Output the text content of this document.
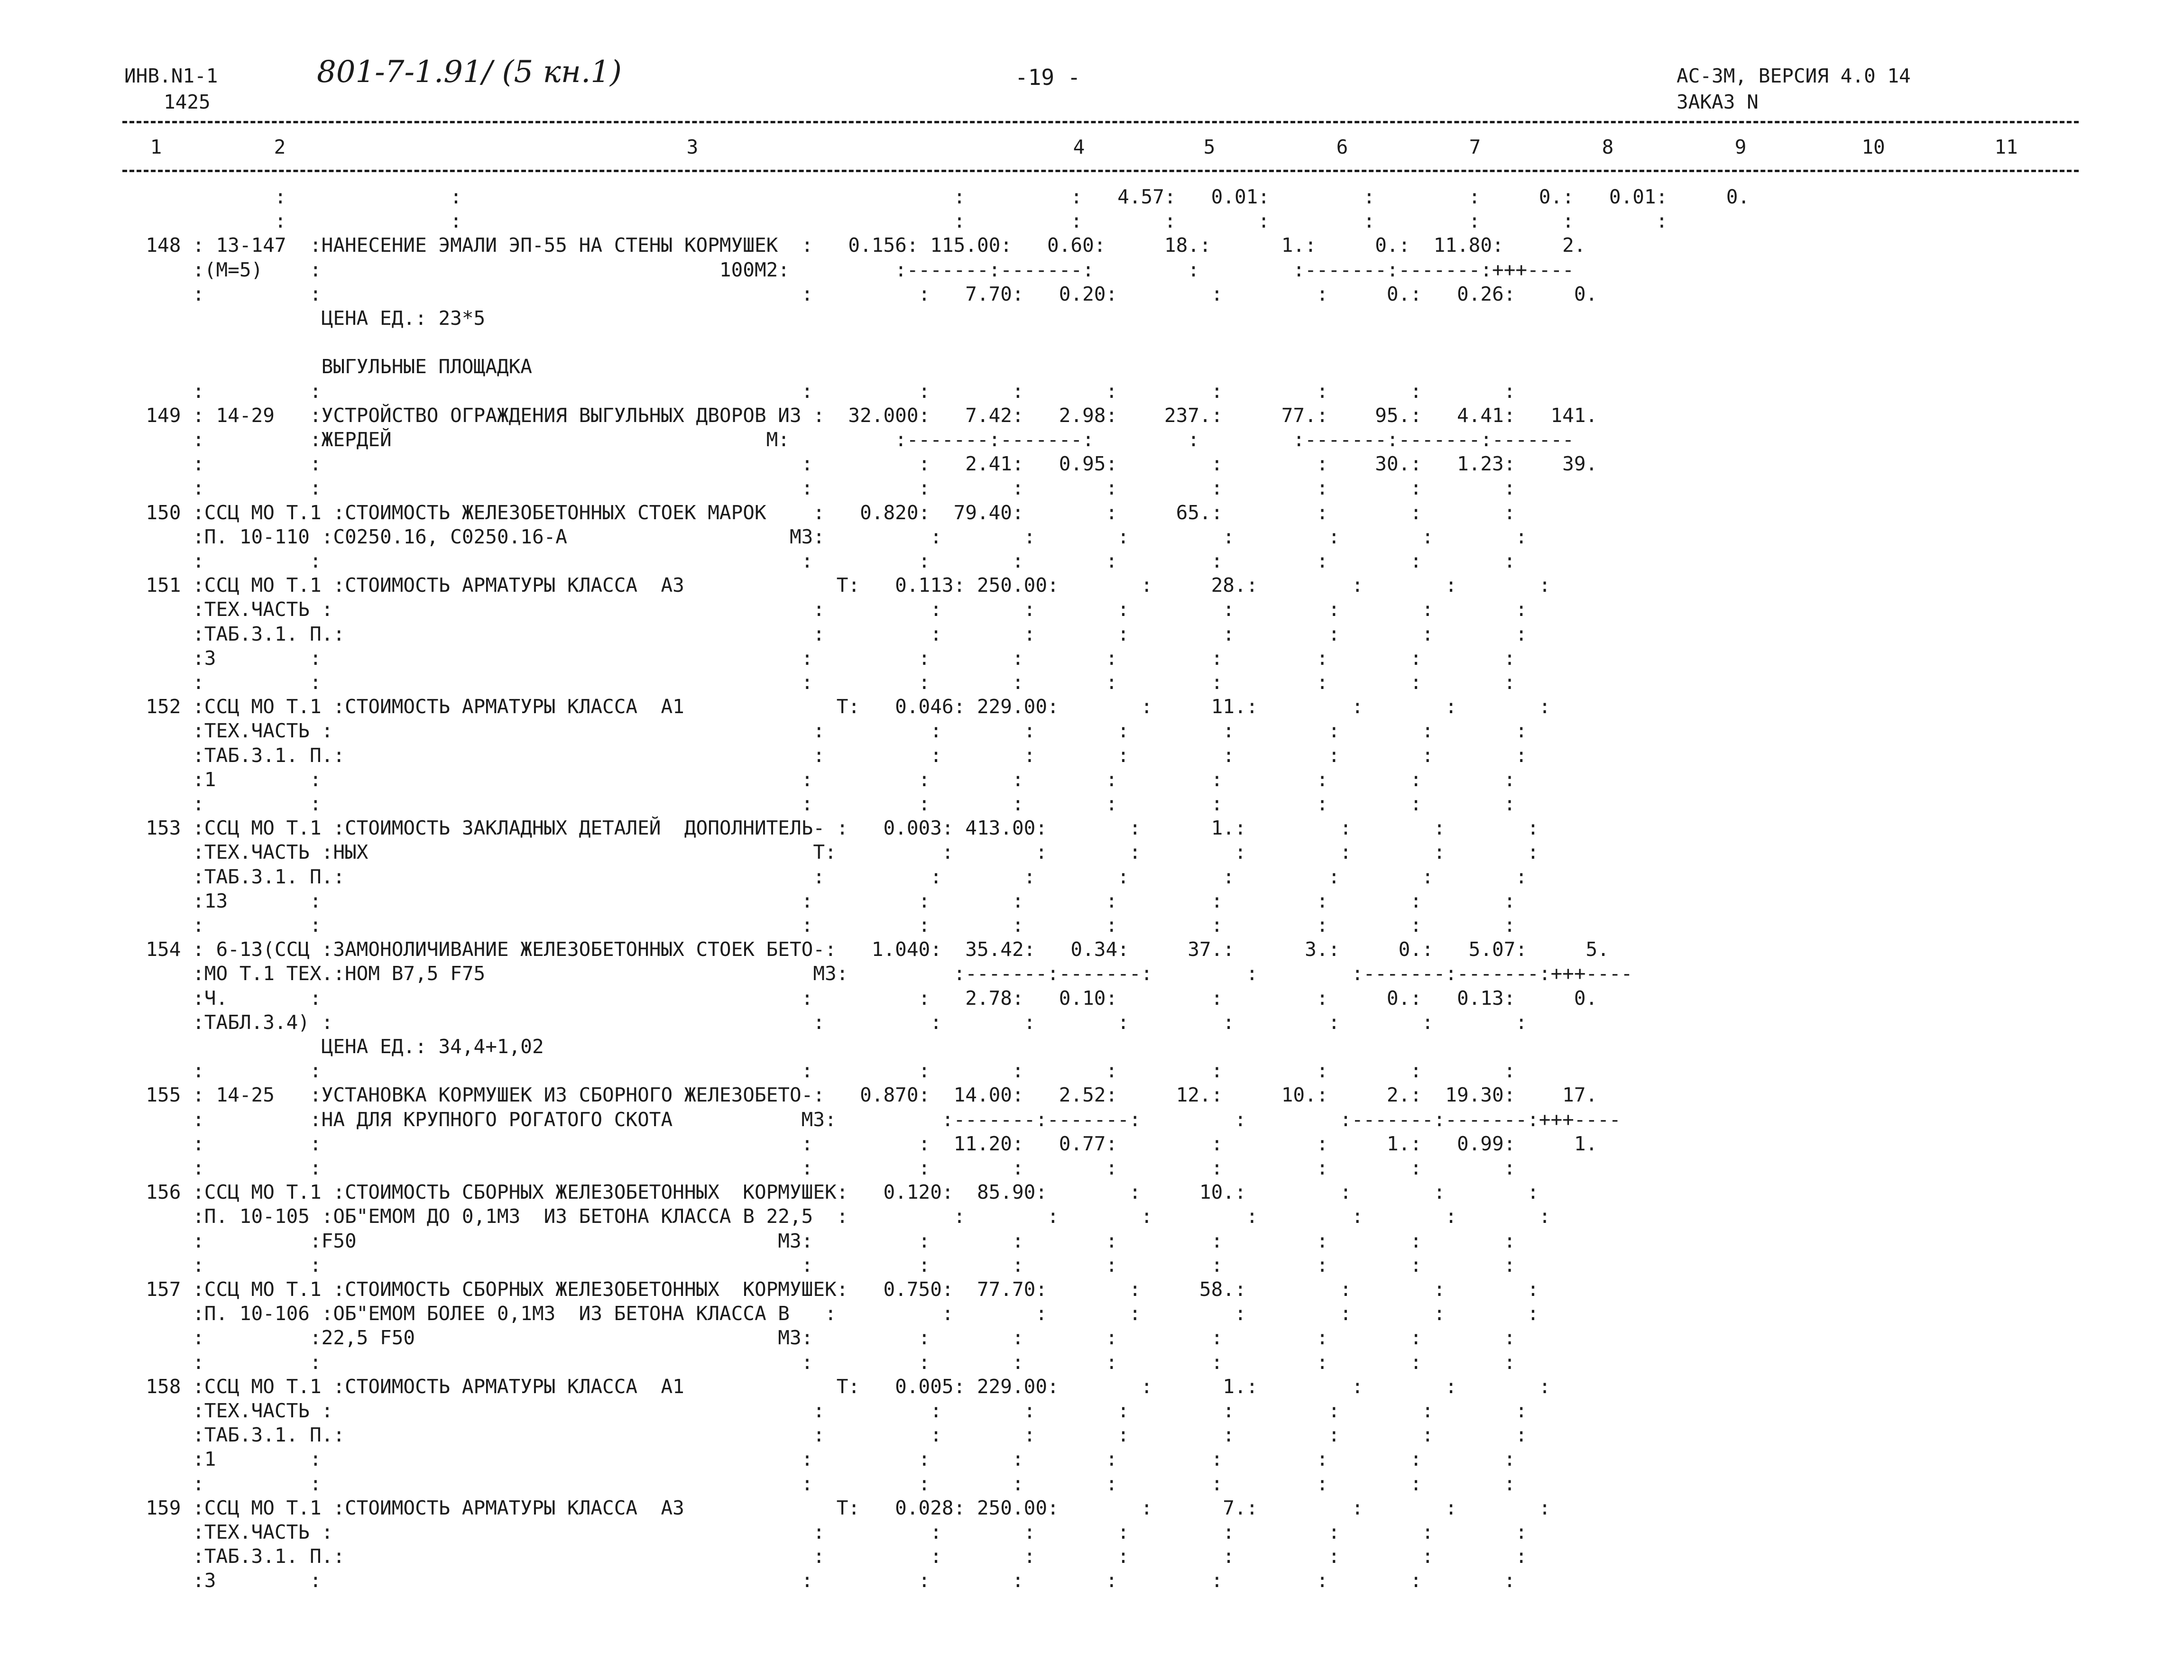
ИНВ.N1-1
1425
801-7-1.91/ (5 кн.1)	-19 -	АС-3М, ВЕРСИЯ 4.0 14
ЗАКАЗ N
1	2	3	4	5	6	7	8	9	10	11
:              :                                          :         :   4.57:   0.01:        :        :     0.:   0.01:     0.
:              :                                          :         :       :       :        :        :       :       :
148 : 13-147  :НАНЕСЕНИЕ ЭМАЛИ ЭП-55 НА СТЕНЫ КОРМУШЕК  :   0.156: 115.00:   0.60:     18.:      1.:     0.:  11.80:     2.
:(M=5)    :                                  100M2:         :-------:-------:        :        :-------:-------:+++----
:         :                                         :         :   7.70:   0.20:        :        :     0.:   0.26:     0.
ЦЕНА ЕД.: 23*5
ВЫГУЛЬНЫЕ ПЛОЩАДКА
:         :                                         :         :       :       :        :        :       :       :
149 : 14-29   :УСТРОЙСТВО ОГРАЖДЕНИЯ ВЫГУЛЬНЫХ ДВОРОВ ИЗ :  32.000:   7.42:   2.98:    237.:     77.:    95.:   4.41:   141.
:         :ЖЕРДЕЙ                                M:         :-------:-------:        :        :-------:-------:-------
:         :                                         :         :   2.41:   0.95:        :        :    30.:   1.23:    39.
:         :                                         :         :       :       :        :        :       :       :
150 :ССЦ МО Т.1 :СТОИМОСТЬ ЖЕЛЕЗОБЕТОННЫХ СТОЕК МАРОК    :   0.820:  79.40:       :     65.:        :       :       :
:П. 10-110 :С0250.16, С0250.16-А                   M3:         :       :       :        :        :       :       :
:         :                                         :         :       :       :        :        :       :       :
151 :ССЦ МО Т.1 :СТОИМОСТЬ АРМАТУРЫ КЛАССА  А3             Т:   0.113: 250.00:       :     28.:        :       :       :
:ТЕХ.ЧАСТЬ :                                         :         :       :       :        :        :       :       :
:ТАБ.3.1. П.:                                        :         :       :       :        :        :       :       :
:3        :                                         :         :       :       :        :        :       :       :
:         :                                         :         :       :       :        :        :       :       :
152 :ССЦ МО Т.1 :СТОИМОСТЬ АРМАТУРЫ КЛАССА  А1             Т:   0.046: 229.00:       :     11.:        :       :       :
:ТЕХ.ЧАСТЬ :                                         :         :       :       :        :        :       :       :
:ТАБ.3.1. П.:                                        :         :       :       :        :        :       :       :
:1        :                                         :         :       :       :        :        :       :       :
:         :                                         :         :       :       :        :        :       :       :
153 :ССЦ МО Т.1 :СТОИМОСТЬ ЗАКЛАДНЫХ ДЕТАЛЕЙ  ДОПОЛНИТЕЛЬ- :   0.003: 413.00:       :      1.:        :       :       :
:ТЕХ.ЧАСТЬ :НЫХ                                      Т:         :       :       :        :        :       :       :
:ТАБ.3.1. П.:                                        :         :       :       :        :        :       :       :
:13       :                                         :         :       :       :        :        :       :       :
:         :                                         :         :       :       :        :        :       :       :
154 : 6-13(ССЦ :ЗАМОНОЛИЧИВАНИЕ ЖЕЛЕЗОБЕТОННЫХ СТОЕК БЕТО-:   1.040:  35.42:   0.34:     37.:      3.:     0.:   5.07:     5.
:МО Т.1 ТЕХ.:НОМ В7,5 F75                            M3:         :-------:-------:        :        :-------:-------:+++----
:Ч.       :                                         :         :   2.78:   0.10:        :        :     0.:   0.13:     0.
:ТАБЛ.3.4) :                                         :         :       :       :        :        :       :       :
ЦЕНА ЕД.: 34,4+1,02
:         :                                         :         :       :       :        :        :       :       :
155 : 14-25   :УСТАНОВКА КОРМУШЕК ИЗ СБОРНОГО ЖЕЛЕЗОБЕТО-:   0.870:  14.00:   2.52:     12.:     10.:     2.:  19.30:    17.
:         :НА ДЛЯ КРУПНОГО РОГАТОГО СКОТА           M3:         :-------:-------:        :        :-------:-------:+++----
:         :                                         :         :  11.20:   0.77:        :        :     1.:   0.99:     1.
:         :                                         :         :       :       :        :        :       :       :
156 :ССЦ МО Т.1 :СТОИМОСТЬ СБОРНЫХ ЖЕЛЕЗОБЕТОННЫХ  КОРМУШЕК:   0.120:  85.90:       :     10.:        :       :       :
:П. 10-105 :ОБ"ЕМОМ ДО 0,1М3  ИЗ БЕТОНА КЛАССА В 22,5  :         :       :       :        :        :       :       :
:         :F50                                    M3:         :       :       :        :        :       :       :
:         :                                         :         :       :       :        :        :       :       :
157 :ССЦ МО Т.1 :СТОИМОСТЬ СБОРНЫХ ЖЕЛЕЗОБЕТОННЫХ  КОРМУШЕК:   0.750:  77.70:       :     58.:        :       :       :
:П. 10-106 :ОБ"ЕМОМ БОЛЕЕ 0,1М3  ИЗ БЕТОНА КЛАССА В   :         :       :       :        :        :       :       :
:         :22,5 F50                               M3:         :       :       :        :        :       :       :
:         :                                         :         :       :       :        :        :       :       :
158 :ССЦ МО Т.1 :СТОИМОСТЬ АРМАТУРЫ КЛАССА  А1             Т:   0.005: 229.00:       :      1.:        :       :       :
:ТЕХ.ЧАСТЬ :                                         :         :       :       :        :        :       :       :
:ТАБ.3.1. П.:                                        :         :       :       :        :        :       :       :
:1        :                                         :         :       :       :        :        :       :       :
:         :                                         :         :       :       :        :        :       :       :
159 :ССЦ МО Т.1 :СТОИМОСТЬ АРМАТУРЫ КЛАССА  А3             Т:   0.028: 250.00:       :      7.:        :       :       :
:ТЕХ.ЧАСТЬ :                                         :         :       :       :        :        :       :       :
:ТАБ.3.1. П.:                                        :         :       :       :        :        :       :       :
:3        :                                         :         :       :       :        :        :       :       :
